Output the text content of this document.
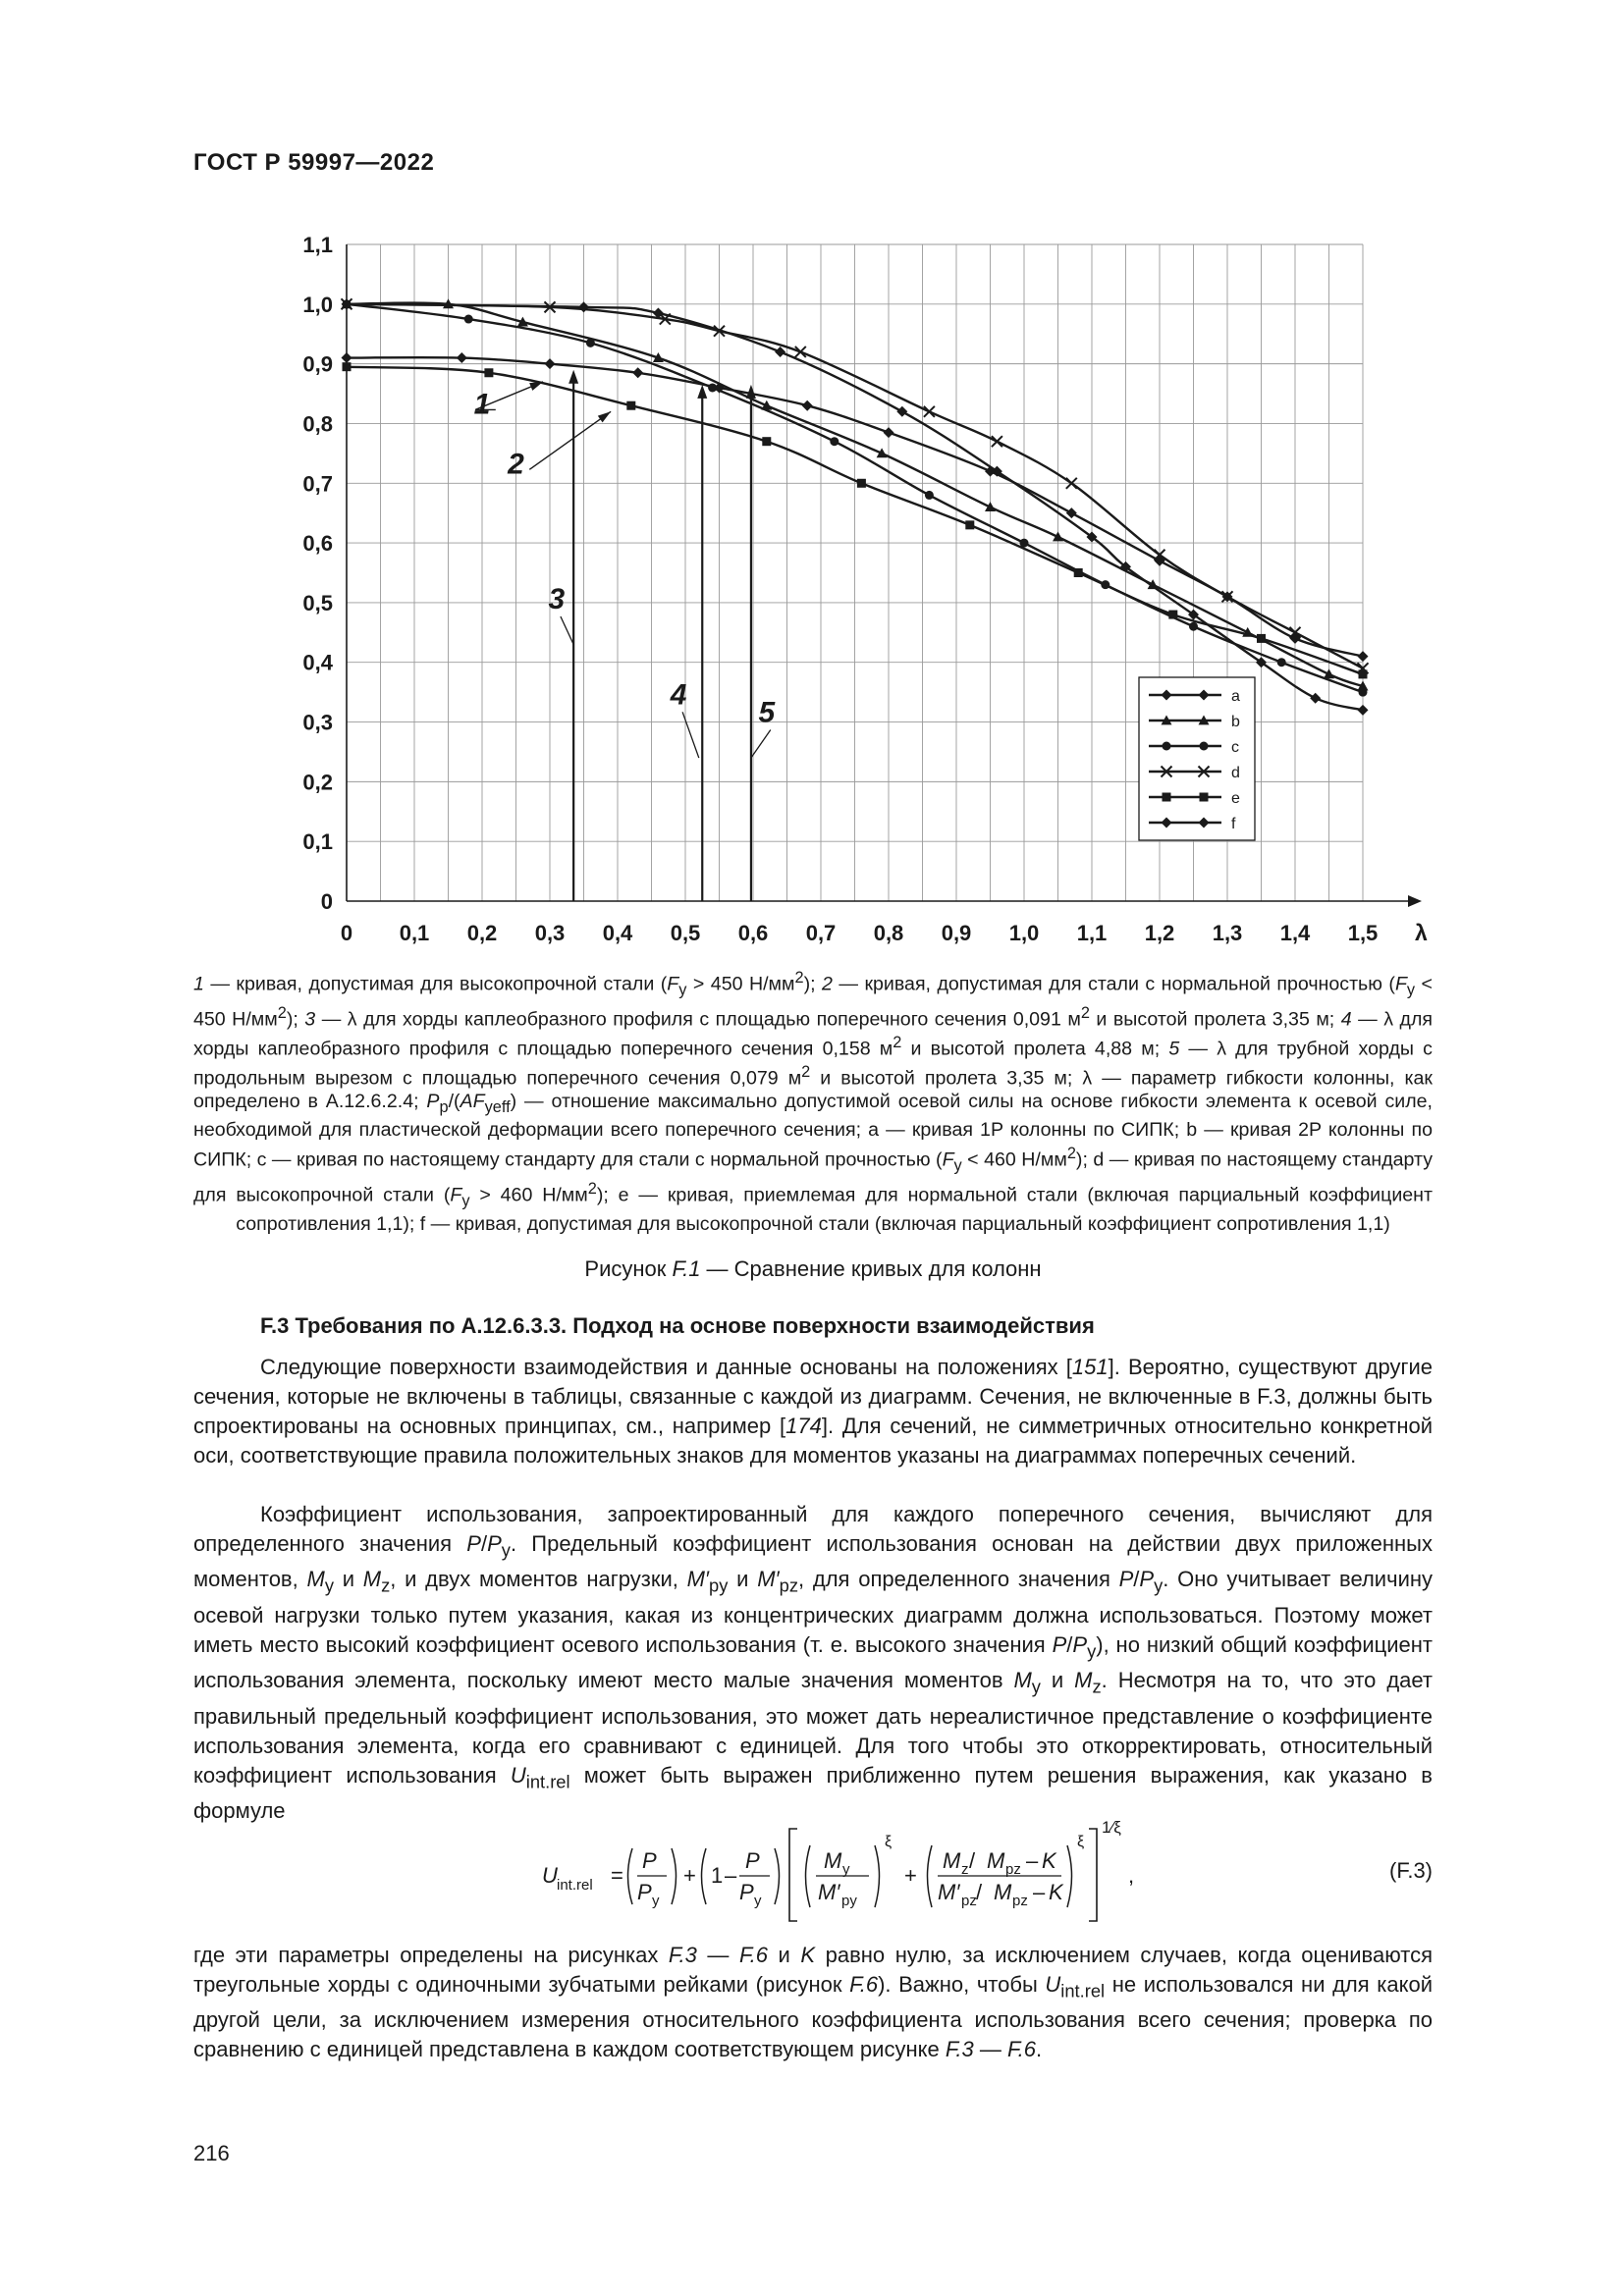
ГОСТ Р 59997—2022
0 0,1 0,2 0,3 0,4 0,5 0,6 0,7 0,8 0,9 1,0 1,1 1,2 1,3 1,4 1,5 λ
0
0,1
0,2
0,3
0,4
0,5
0,6
0,7
0,8
0,9
1,0
1,1
3
4
5
1
2
a
b
c
d
e
f

1 — кривая, допустимая для высокопрочной стали ($F_y > 450$ $Н/мм^2$); 2 — кривая, допустимая для стали с нормальной прочностью ($F_y < 450$ $Н/мм^2$); 3 — λ для хорды каплеобразного профиля с площадью поперечного сечения 0,091 $м^2$ и высотой пролета 3,35 м; 4 — λ для хорды каплеобразного профиля с площадью поперечного сечения 0,158 $м^2$ и высотой пролета 4,88 м; 5 — λ для трубной хорды с продольным вырезом с площадью поперечного сечения 0,079 $м^2$ и высотой пролета 3,35 м; λ — параметр гибкости колонны, как определено в А.12.6.2.4; $P_p/(AF_{yeff})$ — отношение максимально допустимой осевой силы на основе гибкости элемента к осевой силе, необходимой для пластической деформации всего поперечного сечения; a — кривая 1P колонны по СИПК; b — кривая 2P колонны по СИПК; c — кривая по настоящему стандарту для стали с нормальной прочностью ($F_y < 460$ $Н/мм^2$); d — кривая по настоящему стандарту для высокопрочной стали ($F_y > 460$ $Н/мм^2$); e — кривая, приемлемая для нормальной стали (включая парциальный коэффициент сопротивления 1,1); f — кривая, допустимая для высокопрочной стали (включая парциальный коэффициент сопротивления 1,1)

Рисунок F.1 — Сравнение кривых для колонн
F.3 Требования по А.12.6.3.3. Подход на основе поверхности взаимодействия

Следующие поверхности взаимодействия и данные основаны на положениях [151]. Вероятно, существуют другие сечения, которые не включены в таблицы, связанные с каждой из диаграмм. Сечения, не включенные в F.3, должны быть спроектированы на основных принципах, см., например [174]. Для сечений, не симметричных относительно конкретной оси, соответствующие правила положительных знаков для моментов указаны на диаграммах поперечных сечений.

Коэффициент использования, запроектированный для каждого поперечного сечения, вычисляют для определенного значения $P/P_y$. Предельный коэффициент использования основан на действии двух приложенных моментов, $M_y$ и $M_z$, и двух моментов нагрузки, $M'_{py}$ и $M'_{pz}$, для определенного значения $P/P_y$. Оно учитывает величину осевой нагрузки только путем указания, какая из концентрических диаграмм должна использоваться. Поэтому может иметь место высокий коэффициент осевого использования (т. е. высокого значения $P/P_y$), но низкий общий коэффициент использования элемента, поскольку имеют место малые значения моментов $M_y$ и $M_z$. Несмотря на то, что это дает правильный предельный коэффициент использования, это может дать нереалистичное представление о коэффициенте использования элемента, когда его сравнивают с единицей. Для того чтобы это откорректировать, относительный коэффициент использования $U_{int.rel}$ может быть выражен приближенно путем решения выражения, как указано в формуле

U int.rel =
P
P y
+ 1 –
P
P y
M y
M′ py
ξ
+
M z / M pz – K
M′ pz / M pz – K
ξ
1⁄ξ
,	(F.3)

где эти параметры определены на рисунках F.3 — F.6 и K равно нулю, за исключением случаев, когда оцениваются треугольные хорды с одиночными зубчатыми рейками (рисунок F.6). Важно, чтобы $U_{int.rel}$ не использовался ни для какой другой цели, за исключением измерения относительного коэффициента использования всего сечения; проверка по сравнению с единицей представлена в каждом соответствующем рисунке F.3 — F.6.

216
